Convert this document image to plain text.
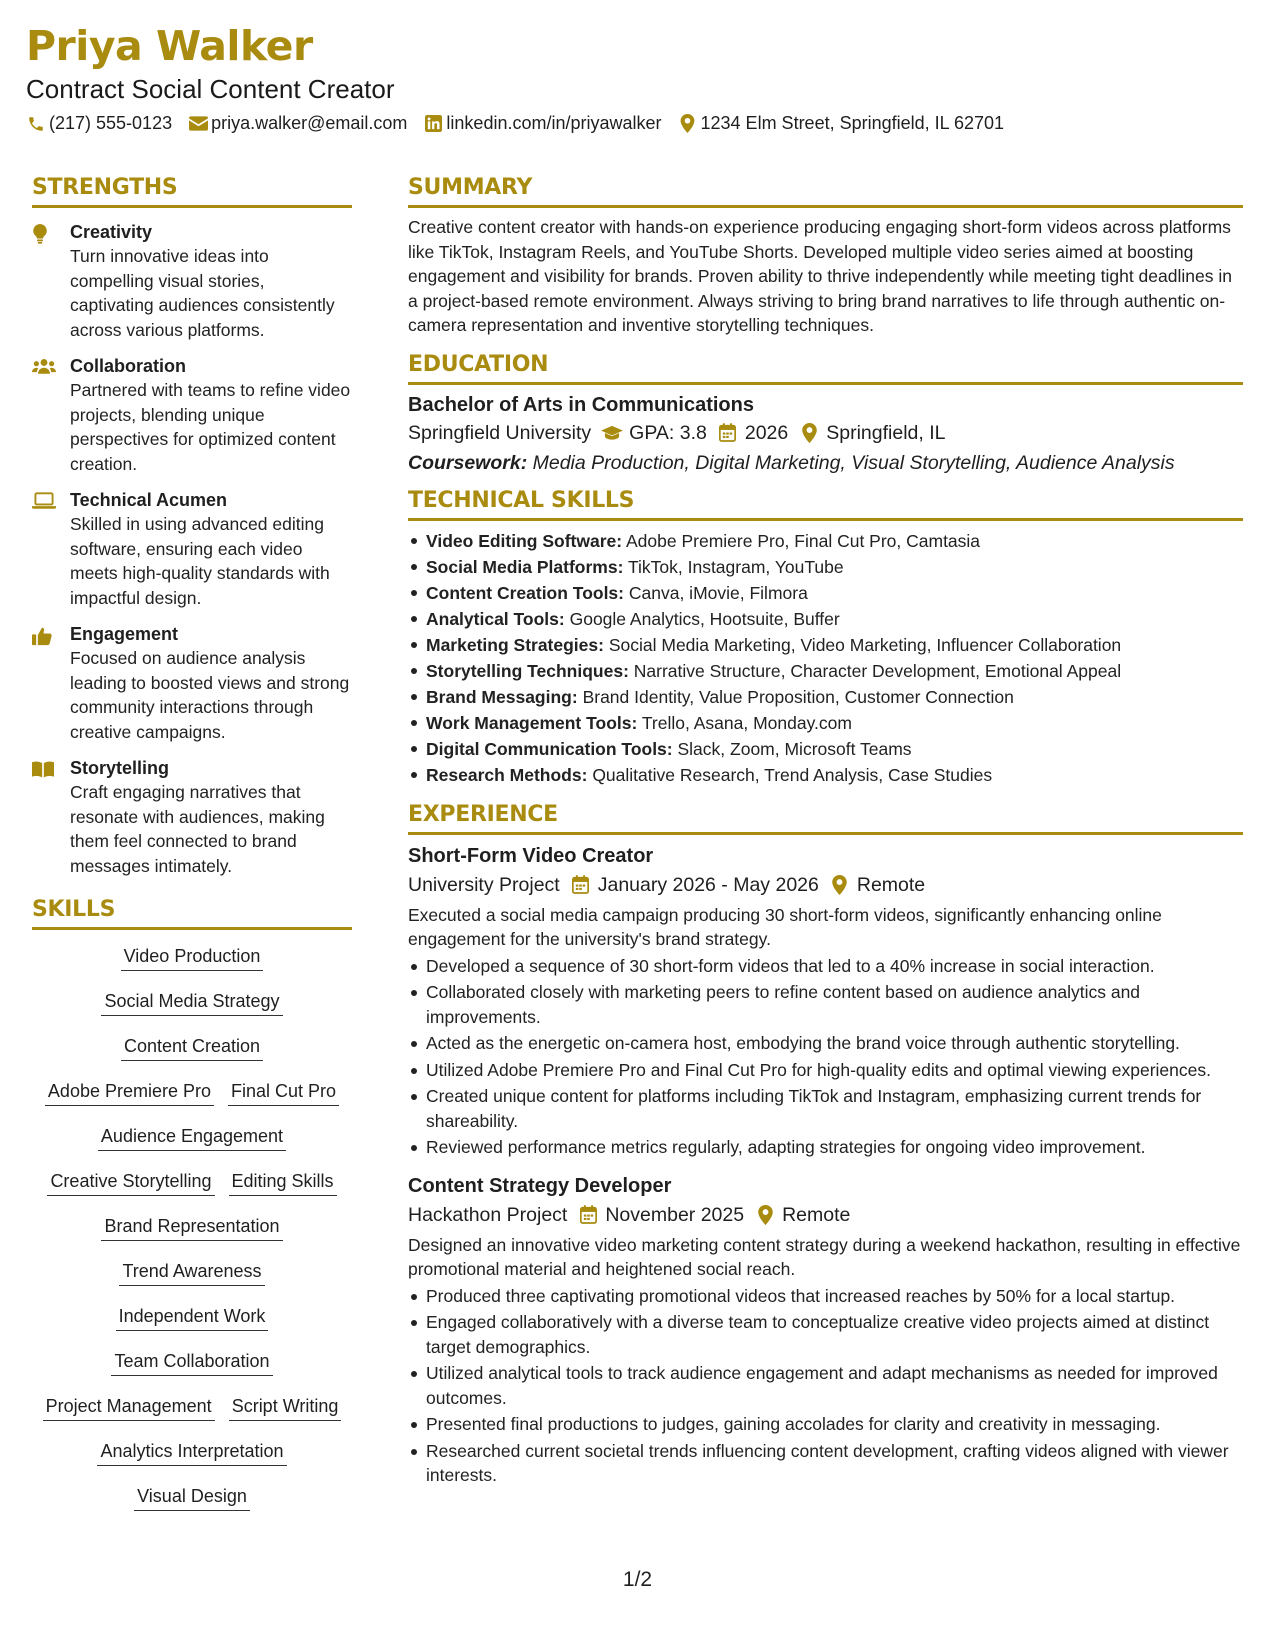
Priya Walker
Contract Social Content Creator
(217) 555-0123 priya.walker@email.com linkedin.com/in/priyawalker 1234 Elm Street, Springfield, IL 62701
STRENGTHS
Creativity
Turn innovative ideas into compelling visual stories, captivating audiences consistently across various platforms.
Collaboration
Partnered with teams to refine video projects, blending unique perspectives for optimized content creation.
Technical Acumen
Skilled in using advanced editing software, ensuring each video meets high-quality standards with impactful design.
Engagement
Focused on audience analysis leading to boosted views and strong community interactions through creative campaigns.
Storytelling
Craft engaging narratives that resonate with audiences, making them feel connected to brand messages intimately.
SKILLS
Video Production
Social Media Strategy
Content Creation
Adobe Premiere Pro Final Cut Pro
Audience Engagement
Creative Storytelling Editing Skills
Brand Representation
Trend Awareness
Independent Work
Team Collaboration
Project Management Script Writing
Analytics Interpretation
Visual Design
SUMMARY
Creative content creator with hands-on experience producing engaging short-form videos across platforms like TikTok, Instagram Reels, and YouTube Shorts. Developed multiple video series aimed at boosting engagement and visibility for brands. Proven ability to thrive independently while meeting tight deadlines in a project-based remote environment. Always striving to bring brand narratives to life through authentic on-camera representation and inventive storytelling techniques.
EDUCATION
Bachelor of Arts in Communications
Springfield University GPA: 3.8 2026 Springfield, IL
Coursework: Media Production, Digital Marketing, Visual Storytelling, Audience Analysis
TECHNICAL SKILLS
Video Editing Software: Adobe Premiere Pro, Final Cut Pro, Camtasia
Social Media Platforms: TikTok, Instagram, YouTube
Content Creation Tools: Canva, iMovie, Filmora
Analytical Tools: Google Analytics, Hootsuite, Buffer
Marketing Strategies: Social Media Marketing, Video Marketing, Influencer Collaboration
Storytelling Techniques: Narrative Structure, Character Development, Emotional Appeal
Brand Messaging: Brand Identity, Value Proposition, Customer Connection
Work Management Tools: Trello, Asana, Monday.com
Digital Communication Tools: Slack, Zoom, Microsoft Teams
Research Methods: Qualitative Research, Trend Analysis, Case Studies
EXPERIENCE
Short-Form Video Creator
University Project January 2026 - May 2026 Remote
Executed a social media campaign producing 30 short-form videos, significantly enhancing online engagement for the university's brand strategy.
Developed a sequence of 30 short-form videos that led to a 40% increase in social interaction.
Collaborated closely with marketing peers to refine content based on audience analytics and improvements.
Acted as the energetic on-camera host, embodying the brand voice through authentic storytelling.
Utilized Adobe Premiere Pro and Final Cut Pro for high-quality edits and optimal viewing experiences.
Created unique content for platforms including TikTok and Instagram, emphasizing current trends for shareability.
Reviewed performance metrics regularly, adapting strategies for ongoing video improvement.
Content Strategy Developer
Hackathon Project November 2025 Remote
Designed an innovative video marketing content strategy during a weekend hackathon, resulting in effective promotional material and heightened social reach.
Produced three captivating promotional videos that increased reaches by 50% for a local startup.
Engaged collaboratively with a diverse team to conceptualize creative video projects aimed at distinct target demographics.
Utilized analytical tools to track audience engagement and adapt mechanisms as needed for improved outcomes.
Presented final productions to judges, gaining accolades for clarity and creativity in messaging.
Researched current societal trends influencing content development, crafting videos aligned with viewer interests.
1/2
